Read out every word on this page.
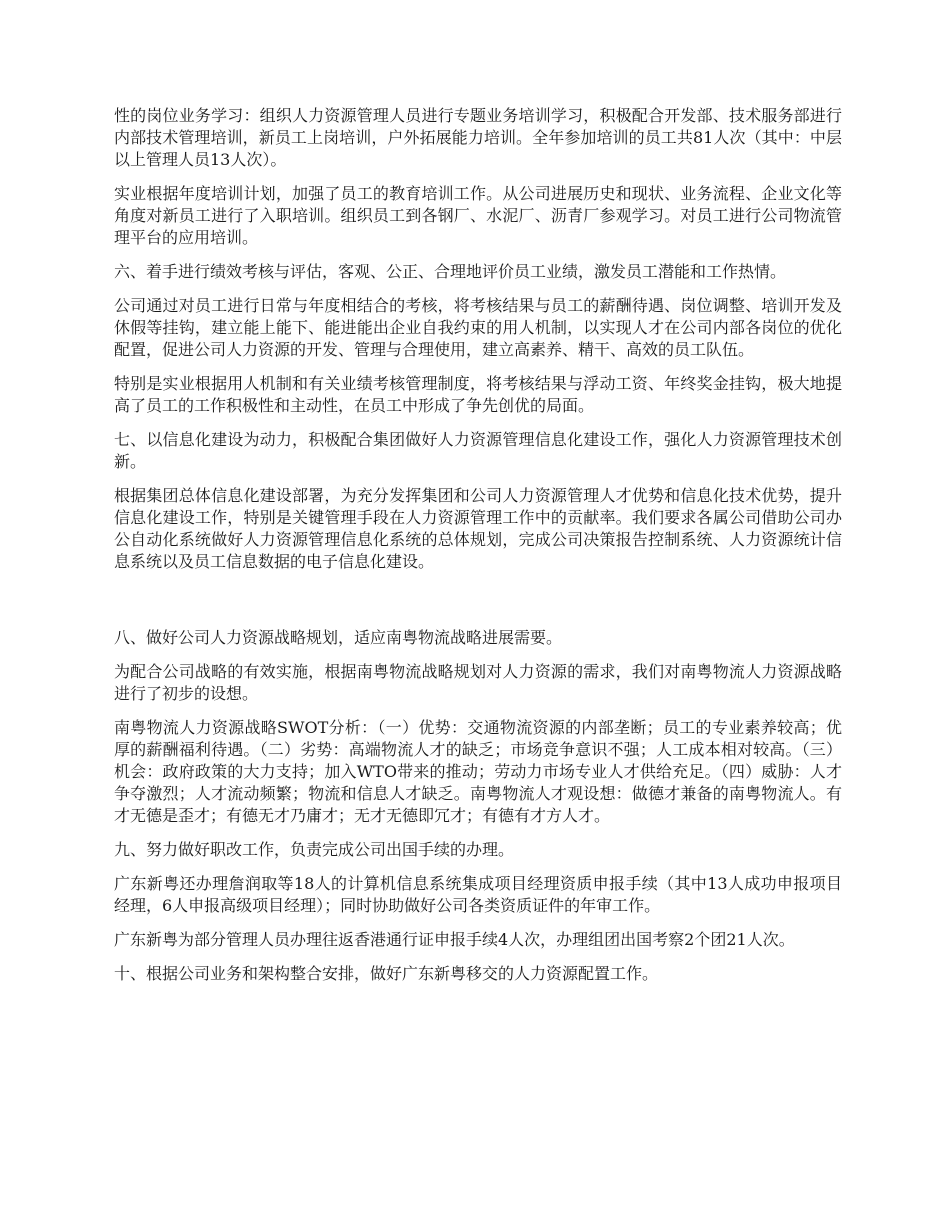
性的岗位业务学习：组织人力资源管理人员进行专题业务培训学习，积极配合开发部、技术服务部进行内部技术管理培训，新员工上岗培训，户外拓展能力培训。全年参加培训的员工共81人次（其中：中层以上管理人员13人次）。

实业根据年度培训计划，加强了员工的教育培训工作。从公司进展历史和现状、业务流程、企业文化等角度对新员工进行了入职培训。组织员工到各钢厂、水泥厂、沥青厂参观学习。对员工进行公司物流管理平台的应用培训。

六、着手进行绩效考核与评估，客观、公正、合理地评价员工业绩，激发员工潜能和工作热情。

公司通过对员工进行日常与年度相结合的考核，将考核结果与员工的薪酬待遇、岗位调整、培训开发及休假等挂钩，建立能上能下、能进能出企业自我约束的用人机制，以实现人才在公司内部各岗位的优化配置，促进公司人力资源的开发、管理与合理使用，建立高素养、精干、高效的员工队伍。

特别是实业根据用人机制和有关业绩考核管理制度，将考核结果与浮动工资、年终奖金挂钩，极大地提高了员工的工作积极性和主动性，在员工中形成了争先创优的局面。

七、以信息化建设为动力，积极配合集团做好人力资源管理信息化建设工作，强化人力资源管理技术创新。

根据集团总体信息化建设部署，为充分发挥集团和公司人力资源管理人才优势和信息化技术优势，提升信息化建设工作，特别是关键管理手段在人力资源管理工作中的贡献率。我们要求各属公司借助公司办公自动化系统做好人力资源管理信息化系统的总体规划，完成公司决策报告控制系统、人力资源统计信息系统以及员工信息数据的电子信息化建设。

八、做好公司人力资源战略规划，适应南粤物流战略进展需要。

为配合公司战略的有效实施，根据南粤物流战略规划对人力资源的需求，我们对南粤物流人力资源战略进行了初步的设想。

南粤物流人力资源战略SWOT分析：（一）优势：交通物流资源的内部垄断；员工的专业素养较高；优厚的薪酬福利待遇。（二）劣势：高端物流人才的缺乏；市场竞争意识不强；人工成本相对较高。（三）机会：政府政策的大力支持；加入WTO带来的推动；劳动力市场专业人才供给充足。（四）威胁：人才争夺激烈；人才流动频繁；物流和信息人才缺乏。南粤物流人才观设想：做德才兼备的南粤物流人。有才无德是歪才；有德无才乃庸才；无才无德即冗才；有德有才方人才。

九、努力做好职改工作，负责完成公司出国手续的办理。

广东新粤还办理詹润取等18人的计算机信息系统集成项目经理资质申报手续（其中13人成功申报项目经理，6人申报高级项目经理）；同时协助做好公司各类资质证件的年审工作。

广东新粤为部分管理人员办理往返香港通行证申报手续4人次，办理组团出国考察2个团21人次。

十、根据公司业务和架构整合安排，做好广东新粤移交的人力资源配置工作。
